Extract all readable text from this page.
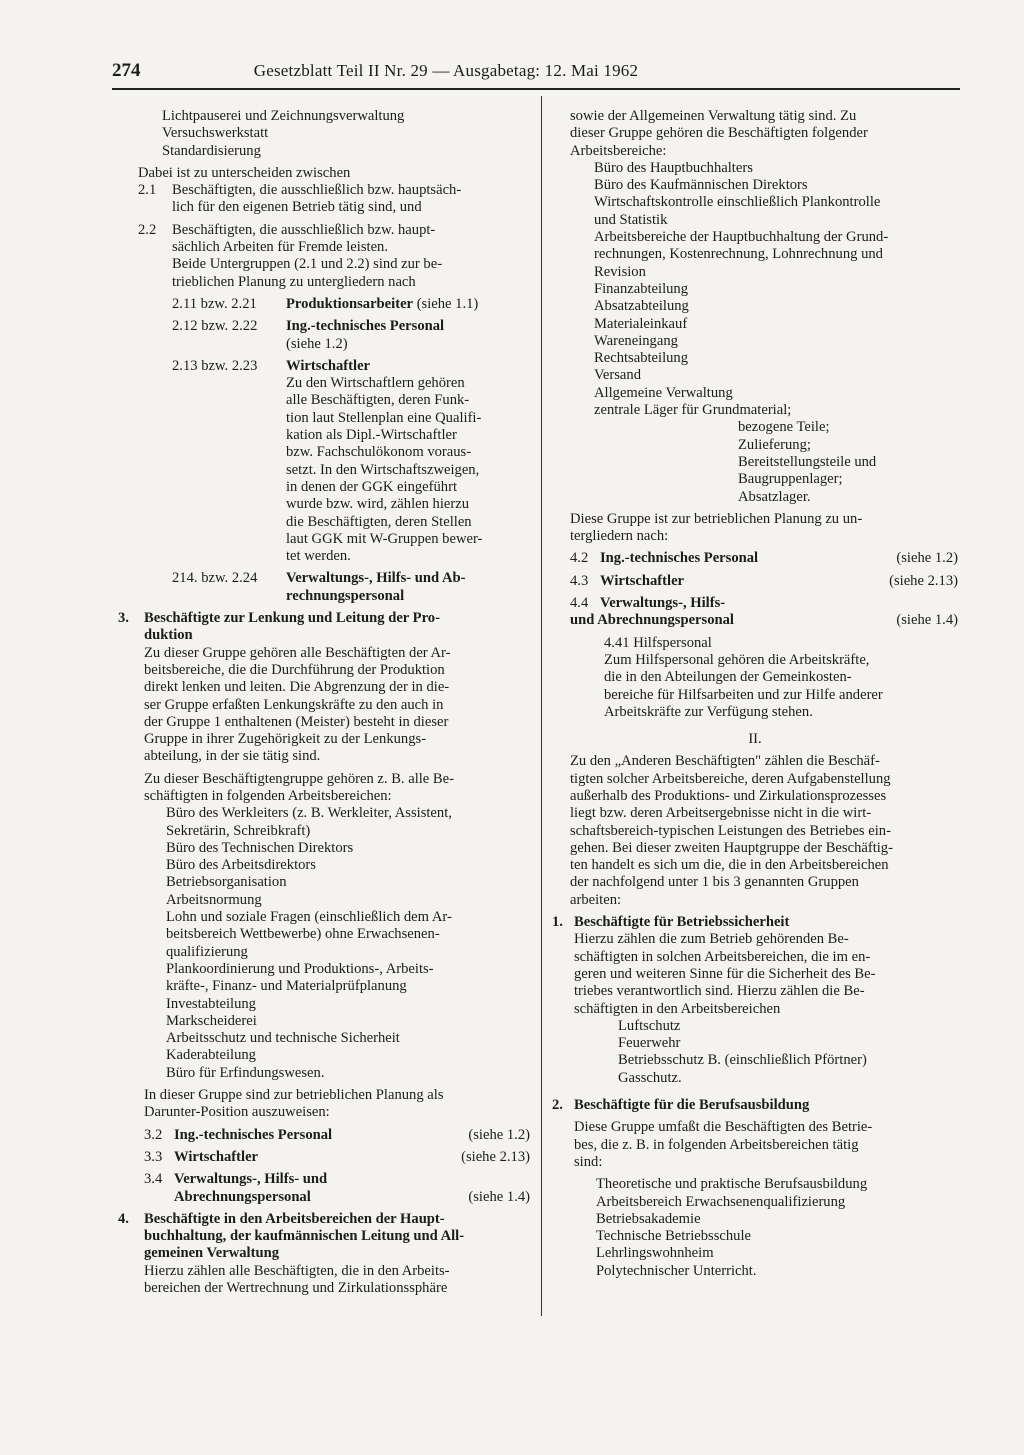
274	Gesetzblatt Teil II Nr. 29 — Ausgabetag: 12. Mai 1962
Lichtpauserei und Zeichnungsverwaltung
Versuchswerkstatt
Standardisierung
Dabei ist zu unterscheiden zwischen
2.1	Beschäftigten, die ausschließlich bzw. hauptsäch-
lich für den eigenen Betrieb tätig sind, und
2.2	Beschäftigten, die ausschließlich bzw. haupt-
sächlich Arbeiten für Fremde leisten.
Beide Untergruppen (2.1 und 2.2) sind zur be-
trieblichen Planung zu untergliedern nach
2.11 bzw. 2.21	Produktionsarbeiter (siehe 1.1)
2.12 bzw. 2.22	Ing.-technisches Personal
(siehe 1.2)
2.13 bzw. 2.23	Wirtschaftler
Zu den Wirtschaftlern gehören
alle Beschäftigten, deren Funk-
tion laut Stellenplan eine Qualifi-
kation als Dipl.-Wirtschaftler
bzw. Fachschulökonom voraus-
setzt. In den Wirtschaftszweigen,
in denen der GGK eingeführt
wurde bzw. wird, zählen hierzu
die Beschäftigten, deren Stellen
laut GGK mit W-Gruppen bewer-
tet werden.
214. bzw. 2.24	Verwaltungs-, Hilfs- und Ab-
rechnungspersonal
3.	Beschäftigte zur Lenkung und Leitung der Pro-
duktion
Zu dieser Gruppe gehören alle Beschäftigten der Ar-
beitsbereiche, die die Durchführung der Produktion
direkt lenken und leiten. Die Abgrenzung der in die-
ser Gruppe erfaßten Lenkungskräfte zu den auch in
der Gruppe 1 enthaltenen (Meister) besteht in dieser
Gruppe in ihrer Zugehörigkeit zu der Lenkungs-
abteilung, in der sie tätig sind.
Zu dieser Beschäftigtengruppe gehören z. B. alle Be-
schäftigten in folgenden Arbeitsbereichen:
Büro des Werkleiters (z. B. Werkleiter, Assistent,
Sekretärin, Schreibkraft)
Büro des Technischen Direktors
Büro des Arbeitsdirektors
Betriebsorganisation
Arbeitsnormung
Lohn und soziale Fragen (einschließlich dem Ar-
beitsbereich Wettbewerbe) ohne Erwachsenen-
qualifizierung
Plankoordinierung und Produktions-, Arbeits-
kräfte-, Finanz- und Materialprüfplanung
Investabteilung
Markscheiderei
Arbeitsschutz und technische Sicherheit
Kaderabteilung
Büro für Erfindungswesen.
In dieser Gruppe sind zur betrieblichen Planung als
Darunter-Position auszuweisen:
3.2 Ing.-technisches Personal	(siehe 1.2)
3.3 Wirtschaftler	(siehe 2.13)
3.4 Verwaltungs-, Hilfs- und
Abrechnungspersonal	(siehe 1.4)
4.	Beschäftigte in den Arbeitsbereichen der Haupt-
buchhaltung, der kaufmännischen Leitung und All-
gemeinen Verwaltung
Hierzu zählen alle Beschäftigten, die in den Arbeits-
bereichen der Wertrechnung und Zirkulationssphäre
sowie der Allgemeinen Verwaltung tätig sind. Zu
dieser Gruppe gehören die Beschäftigten folgender
Arbeitsbereiche:
Büro des Hauptbuchhalters
Büro des Kaufmännischen Direktors
Wirtschaftskontrolle einschließlich Plankontrolle
und Statistik
Arbeitsbereiche der Hauptbuchhaltung der Grund-
rechnungen, Kostenrechnung, Lohnrechnung und
Revision
Finanzabteilung
Absatzabteilung
Materialeinkauf
Wareneingang
Rechtsabteilung
Versand
Allgemeine Verwaltung
zentrale Läger für Grundmaterial;
bezogene Teile;
Zulieferung;
Bereitstellungsteile und
Baugruppenlager;
Absatzlager.
Diese Gruppe ist zur betrieblichen Planung zu un-
tergliedern nach:
4.2 Ing.-technisches Personal	(siehe 1.2)
4.3 Wirtschaftler	(siehe 2.13)
4.4 Verwaltungs-, Hilfs-
und Abrechnungspersonal	(siehe 1.4)
4.41 Hilfspersonal
Zum Hilfspersonal gehören die Arbeitskräfte,
die in den Abteilungen der Gemeinkosten-
bereiche für Hilfsarbeiten und zur Hilfe anderer
Arbeitskräfte zur Verfügung stehen.
II.
Zu den „Anderen Beschäftigten" zählen die Beschäf-
tigten solcher Arbeitsbereiche, deren Aufgabenstellung
außerhalb des Produktions- und Zirkulationsprozesses
liegt bzw. deren Arbeitsergebnisse nicht in die wirt-
schaftsbereich-typischen Leistungen des Betriebes ein-
gehen. Bei dieser zweiten Hauptgruppe der Beschäftig-
ten handelt es sich um die, die in den Arbeitsbereichen
der nachfolgend unter 1 bis 3 genannten Gruppen
arbeiten:
1. Beschäftigte für Betriebssicherheit
Hierzu zählen die zum Betrieb gehörenden Be-
schäftigten in solchen Arbeitsbereichen, die im en-
geren und weiteren Sinne für die Sicherheit des Be-
triebes verantwortlich sind. Hierzu zählen die Be-
schäftigten in den Arbeitsbereichen
Luftschutz
Feuerwehr
Betriebsschutz B. (einschließlich Pförtner)
Gasschutz.
2. Beschäftigte für die Berufsausbildung
Diese Gruppe umfaßt die Beschäftigten des Betrie-
bes, die z. B. in folgenden Arbeitsbereichen tätig
sind:
Theoretische und praktische Berufsausbildung
Arbeitsbereich Erwachsenenqualifizierung
Betriebsakademie
Technische Betriebsschule
Lehrlingswohnheim
Polytechnischer Unterricht.
